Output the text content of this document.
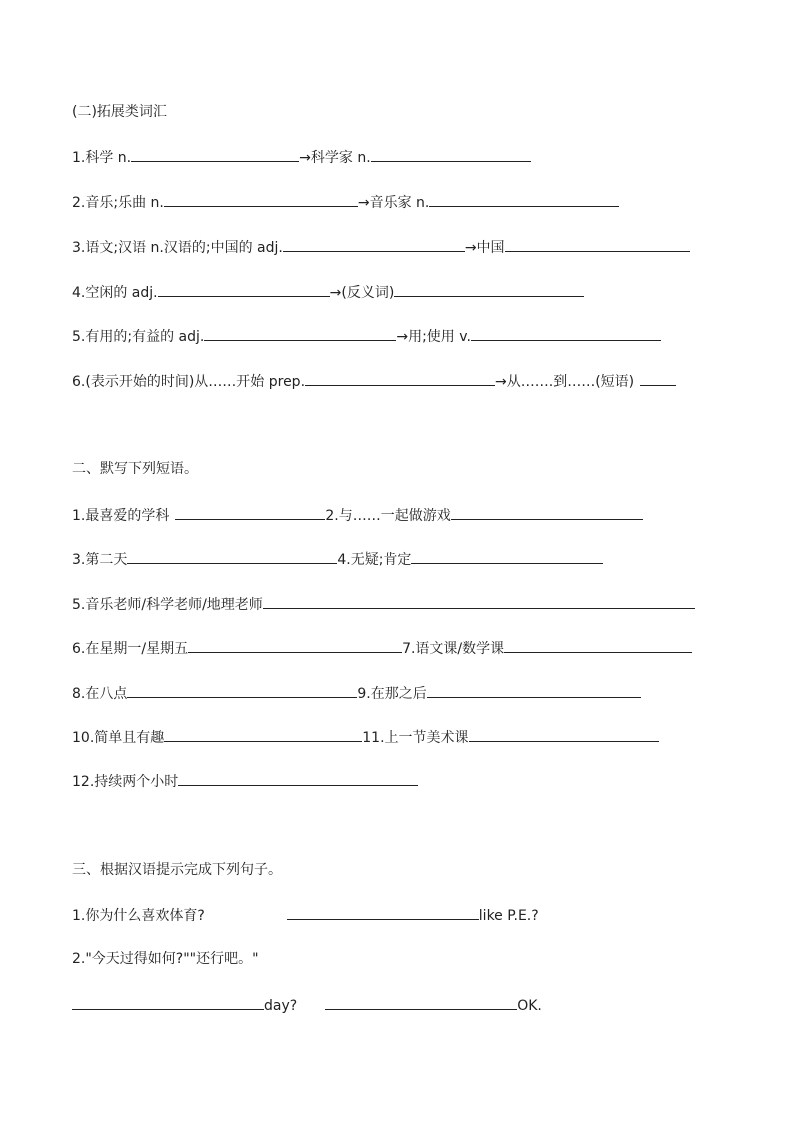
(二)拓展类词汇
1.科学 n.	→科学家 n.
2.音乐;乐曲 n.	→音乐家 n.
3.语文;汉语 n.汉语的;中国的 adj.	→中国
4.空闲的 adj.	→(反义词)
5.有用的;有益的 adj.	→用;使用 v.
6.(表示开始的时间)从……开始 prep.	→从…….到……(短语)
二、默写下列短语。
1.最喜爱的学科	2.与……一起做游戏
3.第二天	4.无疑;肯定
5.音乐老师/科学老师/地理老师
6.在星期一/星期五	7.语文课/数学课
8.在八点	9.在那之后
10.简单且有趣	11.上一节美术课
12.持续两个小时
三、根据汉语提示完成下列句子。
1.你为什么喜欢体育?	like P.E.?
2."今天过得如何?""还行吧。"
day?	OK.
